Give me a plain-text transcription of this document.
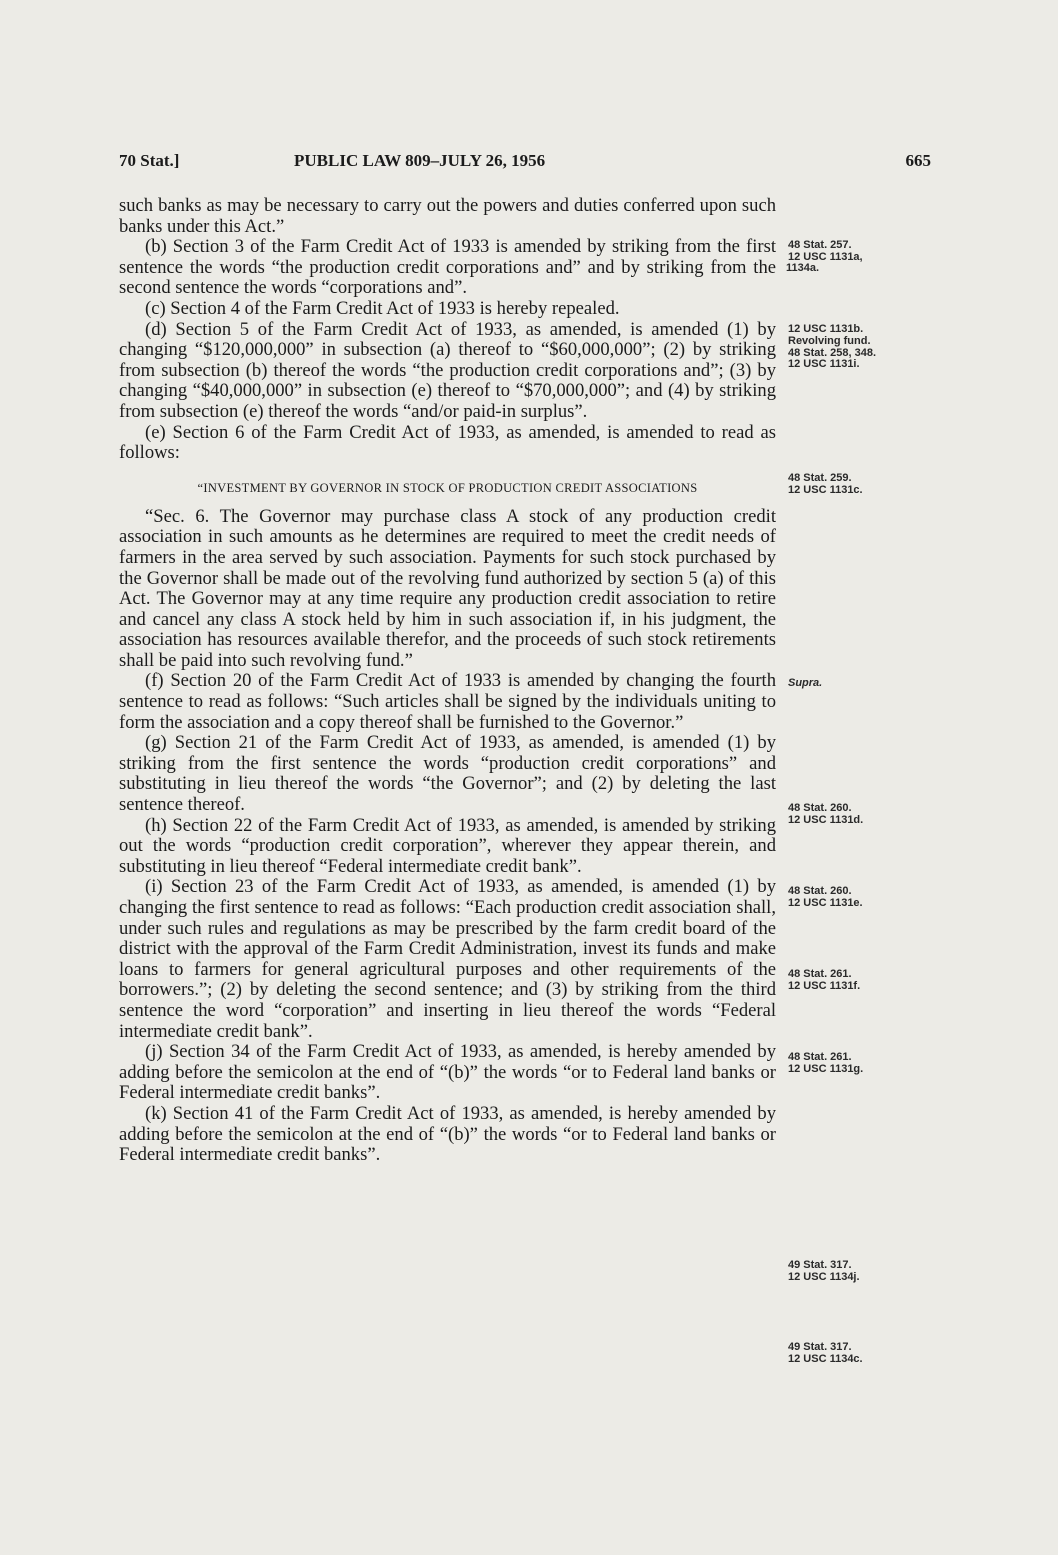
70 Stat.]	PUBLIC LAW 809–JULY 26, 1956	665

such banks as may be necessary to carry out the powers and duties conferred upon such banks under this Act.”

(b) Section 3 of the Farm Credit Act of 1933 is amended by striking from the first sentence the words “the production credit corporations and” and by striking from the second sentence the words “corporations and”.

(c) Section 4 of the Farm Credit Act of 1933 is hereby repealed.

(d) Section 5 of the Farm Credit Act of 1933, as amended, is amended (1) by changing “$120,000,000” in subsection (a) thereof to “$60,000,000”; (2) by striking from subsection (b) thereof the words “the production credit corporations and”; (3) by changing “$40,000,000” in subsection (e) thereof to “$70,000,000”; and (4) by striking from subsection (e) thereof the words “and/or paid-in surplus”.

(e) Section 6 of the Farm Credit Act of 1933, as amended, is amended to read as follows:

“INVESTMENT BY GOVERNOR IN STOCK OF PRODUCTION CREDIT ASSOCIATIONS

“Sec. 6. The Governor may purchase class A stock of any production credit association in such amounts as he determines are required to meet the credit needs of farmers in the area served by such association. Payments for such stock purchased by the Governor shall be made out of the revolving fund authorized by section 5 (a) of this Act. The Governor may at any time require any production credit association to retire and cancel any class A stock held by him in such association if, in his judgment, the association has resources available therefor, and the proceeds of such stock retirements shall be paid into such revolving fund.”

(f) Section 20 of the Farm Credit Act of 1933 is amended by changing the fourth sentence to read as follows: “Such articles shall be signed by the individuals uniting to form the association and a copy thereof shall be furnished to the Governor.”

(g) Section 21 of the Farm Credit Act of 1933, as amended, is amended (1) by striking from the first sentence the words “production credit corporations” and substituting in lieu thereof the words “the Governor”; and (2) by deleting the last sentence thereof.

(h) Section 22 of the Farm Credit Act of 1933, as amended, is amended by striking out the words “production credit corporation”, wherever they appear therein, and substituting in lieu thereof “Federal intermediate credit bank”.

(i) Section 23 of the Farm Credit Act of 1933, as amended, is amended (1) by changing the first sentence to read as follows: “Each production credit association shall, under such rules and regulations as may be prescribed by the farm credit board of the district with the approval of the Farm Credit Administration, invest its funds and make loans to farmers for general agricultural purposes and other requirements of the borrowers.”; (2) by deleting the second sentence; and (3) by striking from the third sentence the word “corporation” and inserting in lieu thereof the words “Federal intermediate credit bank”.

(j) Section 34 of the Farm Credit Act of 1933, as amended, is hereby amended by adding before the semicolon at the end of “(b)” the words “or to Federal land banks or Federal intermediate credit banks”.

(k) Section 41 of the Farm Credit Act of 1933, as amended, is hereby amended by adding before the semicolon at the end of “(b)” the words “or to Federal land banks or Federal intermediate credit banks”.

48 Stat. 257.
12 USC 1131a,
1134a.
12 USC 1131b.
Revolving fund.
48 Stat. 258, 348.
12 USC 1131i.
48 Stat. 259.
12 USC 1131c.
Supra.
48 Stat. 260.
12 USC 1131d.
48 Stat. 260.
12 USC 1131e.
48 Stat. 261.
12 USC 1131f.
48 Stat. 261.
12 USC 1131g.
49 Stat. 317.
12 USC 1134j.
49 Stat. 317.
12 USC 1134c.
